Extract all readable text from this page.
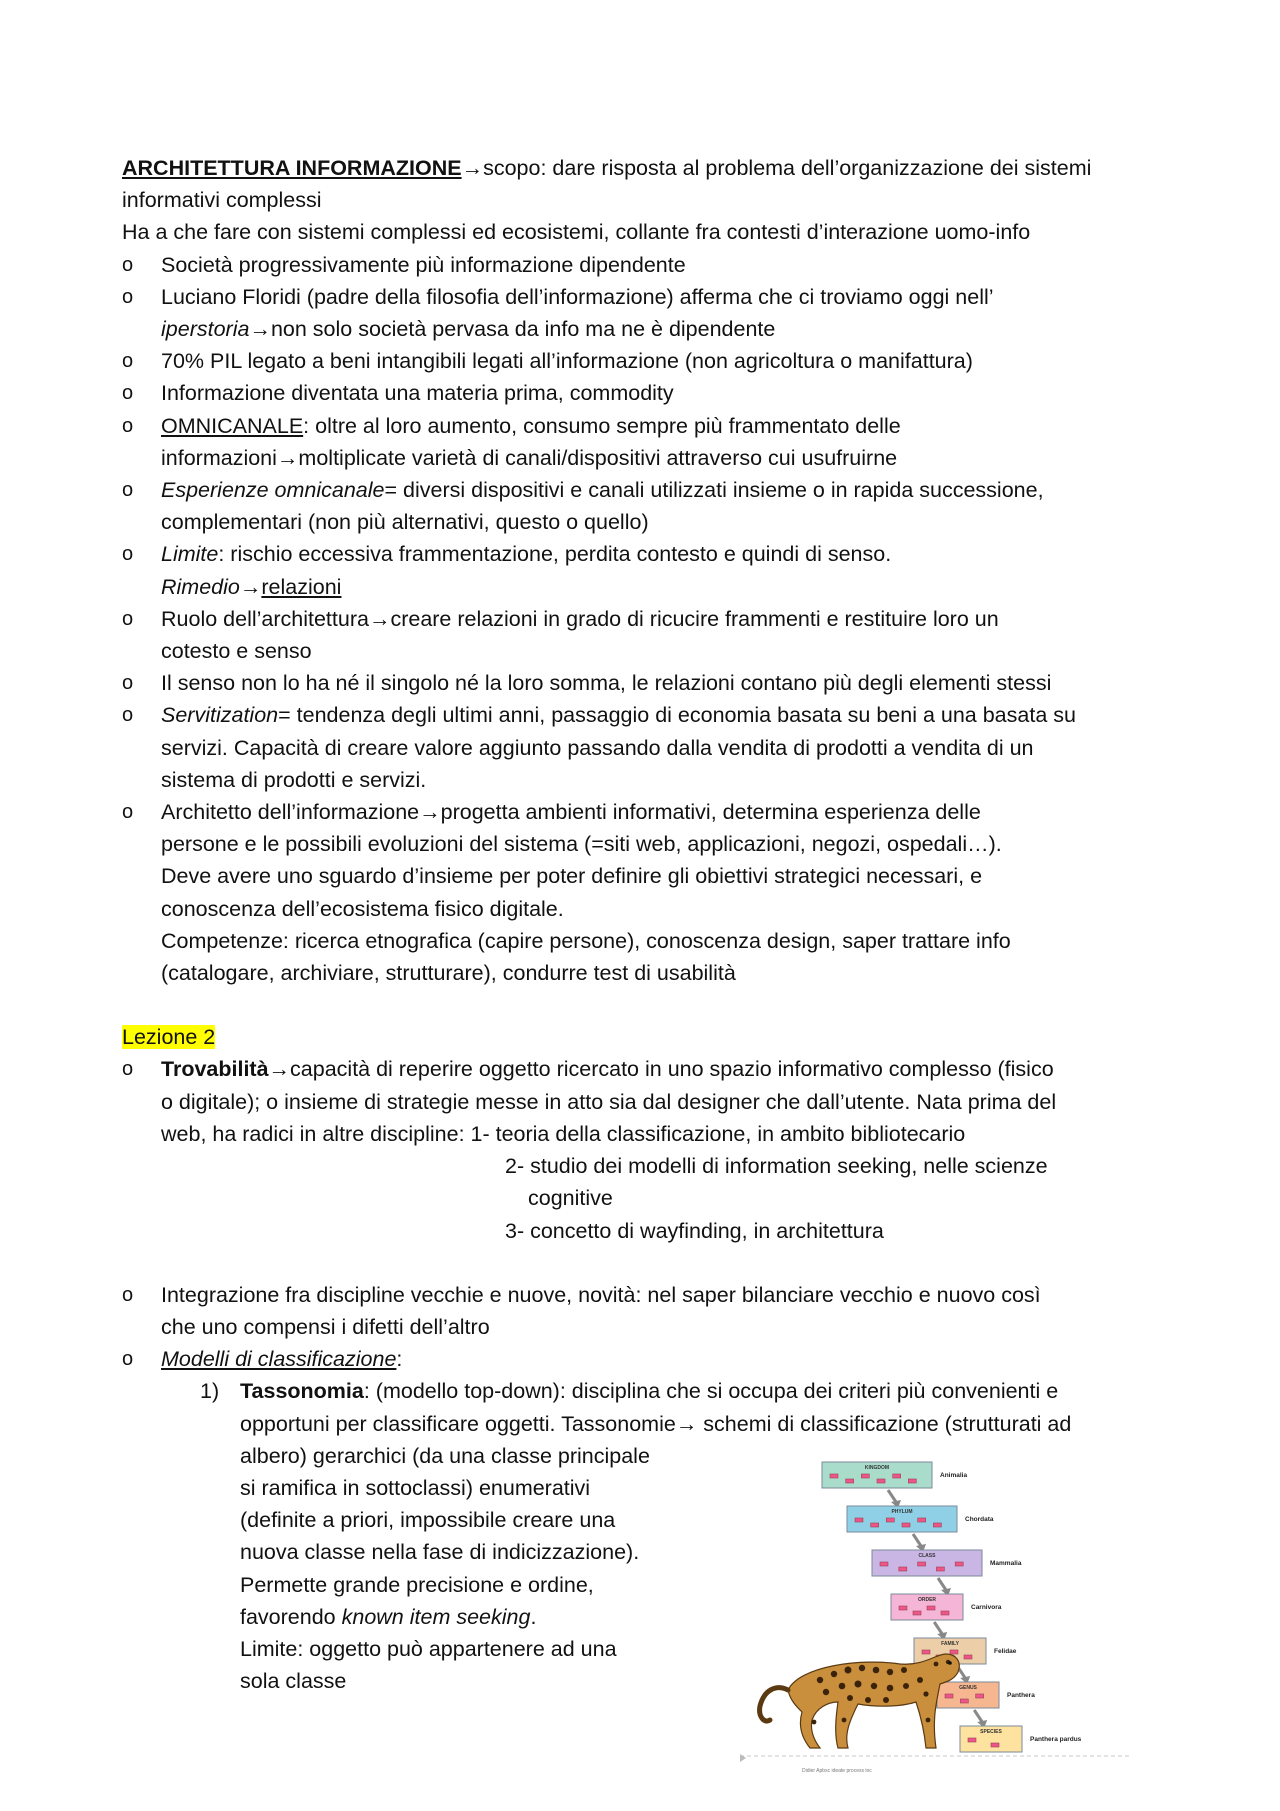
ARCHITETTURA INFORMAZIONE→scopo: dare risposta al problema dell’organizzazione dei sistemi
informativi complessi
Ha a che fare con sistemi complessi ed ecosistemi, collante fra contesti d’interazione uomo-info
o Società progressivamente più informazione dipendente
o Luciano Floridi (padre della filosofia dell’informazione) afferma che ci troviamo oggi nell’
iperstoria→non solo società pervasa da info ma ne è dipendente
o 70% PIL legato a beni intangibili legati all’informazione (non agricoltura o manifattura)
o Informazione diventata una materia prima, commodity
o OMNICANALE: oltre al loro aumento, consumo sempre più frammentato delle
informazioni→moltiplicate varietà di canali/dispositivi attraverso cui usufruirne
o Esperienze omnicanale= diversi dispositivi e canali utilizzati insieme o in rapida successione,
complementari (non più alternativi, questo o quello)
o Limite: rischio eccessiva frammentazione, perdita contesto e quindi di senso.
Rimedio→relazioni
o Ruolo dell’architettura→creare relazioni in grado di ricucire frammenti e restituire loro un
cotesto e senso
o Il senso non lo ha né il singolo né la loro somma, le relazioni contano più degli elementi stessi
o Servitization= tendenza degli ultimi anni, passaggio di economia basata su beni a una basata su
servizi. Capacità di creare valore aggiunto passando dalla vendita di prodotti a vendita di un
sistema di prodotti e servizi.
o Architetto dell’informazione→progetta ambienti informativi, determina esperienza delle
persone e le possibili evoluzioni del sistema (=siti web, applicazioni, negozi, ospedali…).
Deve avere uno sguardo d’insieme per poter definire gli obiettivi strategici necessari, e
conoscenza dell’ecosistema fisico digitale.
Competenze: ricerca etnografica (capire persone), conoscenza design, saper trattare info
(catalogare, archiviare, strutturare), condurre test di usabilità
Lezione 2
o Trovabilità→capacità di reperire oggetto ricercato in uno spazio informativo complesso (fisico
o digitale); o insieme di strategie messe in atto sia dal designer che dall’utente. Nata prima del
web, ha radici in altre discipline: 1- teoria della classificazione, in ambito bibliotecario
2- studio dei modelli di information seeking, nelle scienze
cognitive
3- concetto di wayfinding, in architettura
o Integrazione fra discipline vecchie e nuove, novità: nel saper bilanciare vecchio e nuovo così
che uno compensi i difetti dell’altro
o Modelli di classificazione:
1) Tassonomia: (modello top-down): disciplina che si occupa dei criteri più convenienti e
opportuni per classificare oggetti. Tassonomie→ schemi di classificazione (strutturati ad
albero) gerarchici (da una classe principale
si ramifica in sottoclassi) enumerativi
(definite a priori, impossibile creare una
nuova classe nella fase di indicizzazione).
Permette grande precisione e ordine,
favorendo known item seeking.
Limite: oggetto può appartenere ad una
sola classe
KINGDOM
Animalia
PHYLUM
Chordata
CLASS
Mammalia
ORDER
Carnivora
FAMILY
Felidae
GENUS
Panthera
SPECIES
Panthera pardus
Didier Apbsc ideate process inc
